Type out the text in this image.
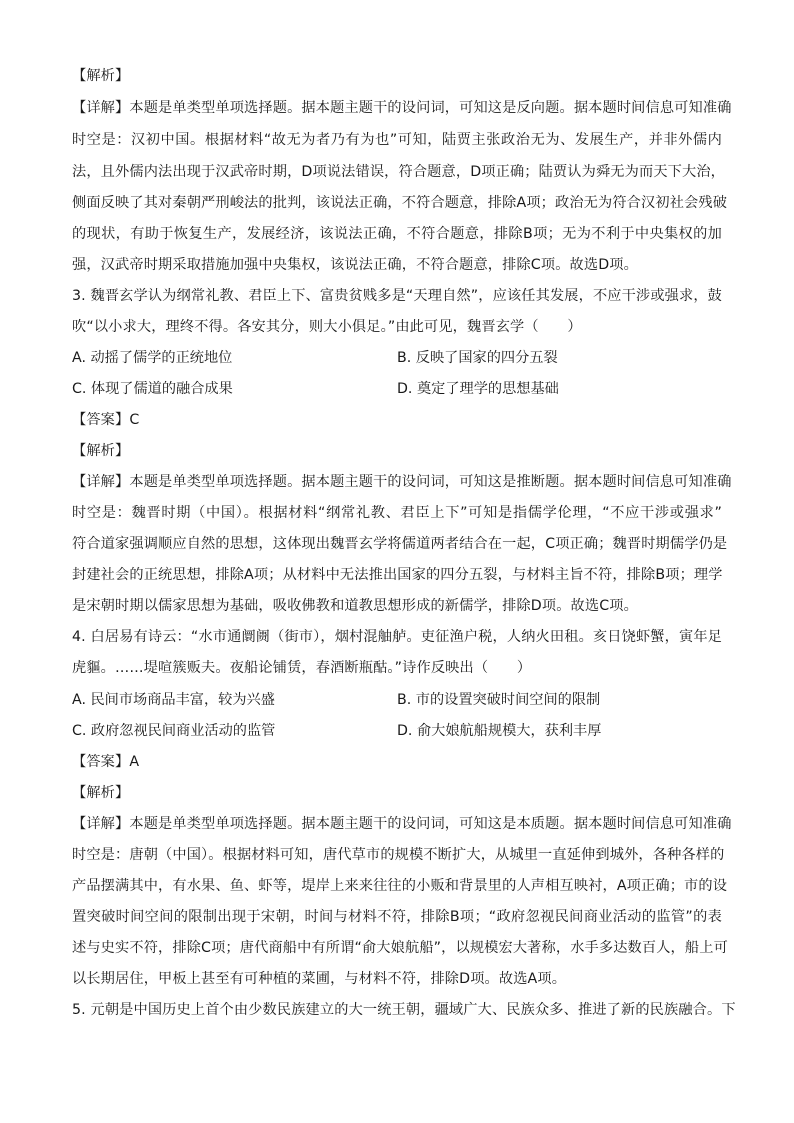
【解析】
【详解】本题是单类型单项选择题。据本题主题干的设问词，可知这是反向题。据本题时间信息可知准确
时空是：汉初中国。根据材料“故无为者乃有为也”可知，陆贾主张政治无为、发展生产，并非外儒内
法，且外儒内法出现于汉武帝时期，D项说法错误，符合题意，D项正确；陆贾认为舜无为而天下大治，
侧面反映了其对秦朝严刑峻法的批判，该说法正确，不符合题意，排除A项；政治无为符合汉初社会残破
的现状，有助于恢复生产，发展经济，该说法正确，不符合题意，排除B项；无为不利于中央集权的加
强，汉武帝时期采取措施加强中央集权，该说法正确，不符合题意，排除C项。故选D项。
3. 魏晋玄学认为纲常礼教、君臣上下、富贵贫贱多是“天理自然”，应该任其发展，不应干涉或强求，鼓
吹“以小求大，理终不得。各安其分，则大小俱足。”由此可见，魏晋玄学（　　）
A. 动摇了儒学的正统地位	B. 反映了国家的四分五裂
C. 体现了儒道的融合成果	D. 奠定了理学的思想基础
【答案】C
【解析】
【详解】本题是单类型单项选择题。据本题主题干的设问词，可知这是推断题。据本题时间信息可知准确
时空是：魏晋时期（中国）。根据材料“纲常礼教、君臣上下”可知是指儒学伦理，“不应干涉或强求”
符合道家强调顺应自然的思想，这体现出魏晋玄学将儒道两者结合在一起，C项正确；魏晋时期儒学仍是
封建社会的正统思想，排除A项；从材料中无法推出国家的四分五裂，与材料主旨不符，排除B项；理学
是宋朝时期以儒家思想为基础，吸收佛教和道教思想形成的新儒学，排除D项。故选C项。
4. 白居易有诗云：“水市通阛阓（街市），烟村混舳舻。吏征渔户税，人纳火田租。亥日饶虾蟹，寅年足
虎貙。……堤喧簇贩夫。夜船论铺赁，春酒断瓶酤。”诗作反映出（　　）
A. 民间市场商品丰富，较为兴盛	B. 市的设置突破时间空间的限制
C. 政府忽视民间商业活动的监管	D. 俞大娘航船规模大，获利丰厚
【答案】A
【解析】
【详解】本题是单类型单项选择题。据本题主题干的设问词，可知这是本质题。据本题时间信息可知准确
时空是：唐朝（中国）。根据材料可知，唐代草市的规模不断扩大，从城里一直延伸到城外，各种各样的
产品摆满其中，有水果、鱼、虾等，堤岸上来来往往的小贩和背景里的人声相互映衬，A项正确；市的设
置突破时间空间的限制出现于宋朝，时间与材料不符，排除B项；“政府忽视民间商业活动的监管”的表
述与史实不符，排除C项；唐代商船中有所谓“俞大娘航船”，以规模宏大著称，水手多达数百人，船上可
以长期居住，甲板上甚至有可种植的菜圃，与材料不符，排除D项。故选A项。
5. 元朝是中国历史上首个由少数民族建立的大一统王朝，疆域广大、民族众多、推进了新的民族融合。下
